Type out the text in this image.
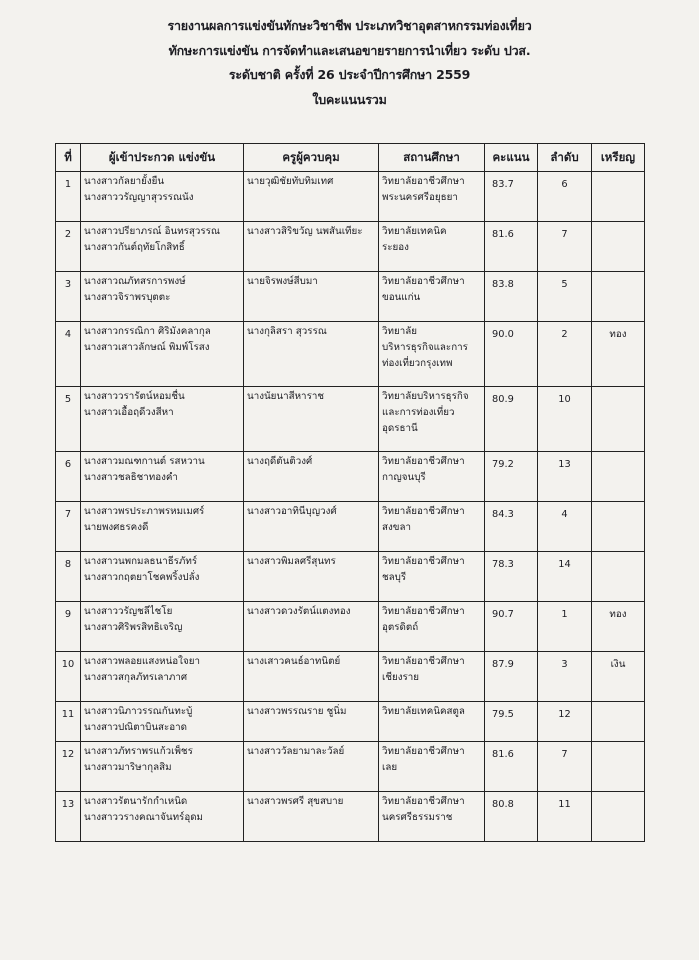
รายงานผลการแข่งขันทักษะวิชาชีพ ประเภทวิชาอุตสาหกรรมท่องเที่ยว
ทักษะการแข่งขัน การจัดทำและเสนอขายรายการนำเที่ยว ระดับ ปวส.
ระดับชาติ ครั้งที่ 26 ประจำปีการศึกษา 2559
ใบคะแนนรวม
ที่	ผู้เข้าประกวด แข่งขัน	ครูผู้ควบคุม	สถานศึกษา	คะแนน	ลำดับ	เหรียญ
1	นางสาวกัลยายั้งยืน
นางสาววรัญญาสุวรรณนัง	นายวุฒิชัยทับทิมเทศ	วิทยาลัยอาชีวศึกษา
พระนครศรีอยุธยา	83.7	6	
2	นางสาวปรียาภรณ์ อินทรสุวรรณ
นางสาวกันต์ฤทัยโกสิทธิ์	นางสาวสิริขวัญ นพสันเทียะ	วิทยาลัยเทคนิค
ระยอง	81.6	7	
3	นางสาวณภัทสรการพงษ์
นางสาวจิราพรบุตตะ	นายจิรพงษ์สีบมา	วิทยาลัยอาชีวศึกษา
ขอนแก่น	83.8	5	
4	นางสาวกรรณิกา ศิริมังคลากุล
นางสาวเสาวลักษณ์ พิมพ์โรสง	นางกุลิสรา สุวรรณ	วิทยาลัย
บริหารธุรกิจและการ
ท่องเที่ยวกรุงเทพ	90.0	2	ทอง
5	นางสาววรารัตน์หอมชื่น
นางสาวเอื้อฤดีวงสีหา	นางนัยนาสีหาราช	วิทยาลัยบริหารธุรกิจ
และการท่องเที่ยว
อุดรธานี	80.9	10	
6	นางสาวมณฑกานต์ รสหวาน
นางสาวชลธิชาทองคำ	นางฤดีตันติวงศ์	วิทยาลัยอาชีวศึกษา
กาญจนบุรี	79.2	13	
7	นางสาวพรประภาพรหมเมศร์
นายพงศธรคงดี	นางสาวอาทินีบุญวงศ์	วิทยาลัยอาชีวศึกษา
สงขลา	84.3	4	
8	นางสาวนพกมลธนาธีรภัทร์
นางสาวกฤตยาโชคพริ้งปลั่ง	นางสาวพิมลศรีสุนทร	วิทยาลัยอาชีวศึกษา
ชลบุรี	78.3	14	
9	นางสาววรัญชลีไชโย
นางสาวศิริพรสิทธิเจริญ	นางสาวดวงรัตน์แตงทอง	วิทยาลัยอาชีวศึกษา
อุตรดิตถ์	90.7	1	ทอง
10	นางสาวพลอยแสงหน่อใจยา
นางสาวสกุลภัทรเลาภาศ	นางเสาวคนธ์อาทนิตย์	วิทยาลัยอาชีวศึกษา
เชียงราย	87.9	3	เงิน
11	นางสาวนิภาวรรณกันทะบู้
นางสาวปณิตาบินสะอาด	นางสาวพรรณราย ชูนิ่ม	วิทยาลัยเทคนิคสตูล	79.5	12	
12	นางสาวภัทราพรแก้วเพ็ชร
นางสาวมาริษากุลสิม	นางสาววัลยามาละวัลย์	วิทยาลัยอาชีวศึกษา
เลย	81.6	7	
13	นางสาวรัตนารักกำเหนิด
นางสาววรางคณาจันทร์อุดม	นางสาวพรศรี สุขสบาย	วิทยาลัยอาชีวศึกษา
นครศรีธรรมราช	80.8	11	
